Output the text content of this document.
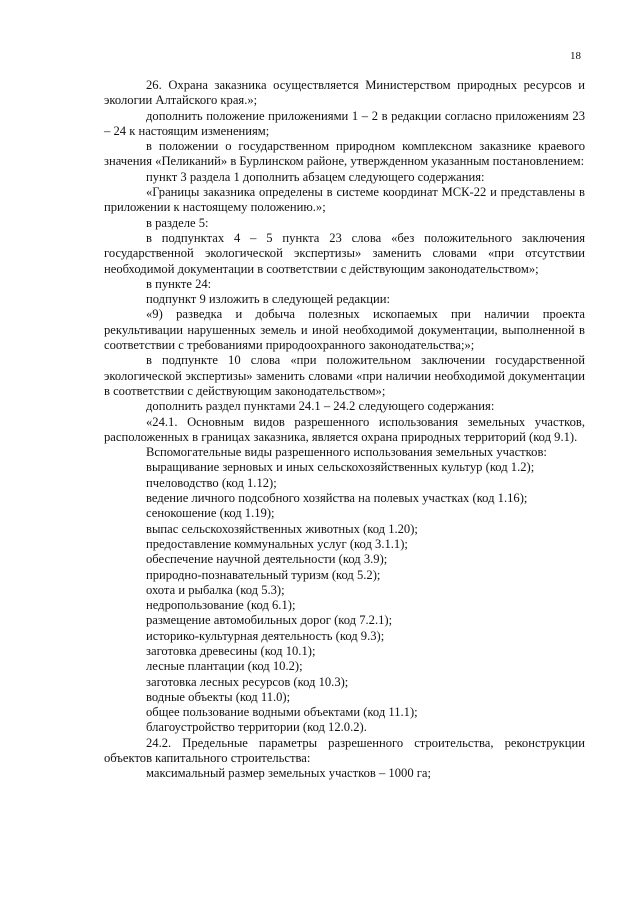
18

26. Охрана заказника осуществляется Министерством природных ресурсов и экологии Алтайского края.»;

дополнить положение приложениями 1 – 2 в редакции согласно приложениям 23 – 24 к настоящим изменениям;

в положении о государственном природном комплексном заказнике краевого значения «Пеликаний» в Бурлинском районе, утвержденном указанным постановлением:

пункт 3 раздела 1 дополнить абзацем следующего содержания:

«Границы заказника определены в системе координат МСК-22 и представлены в приложении к настоящему положению.»;

в разделе 5:

в подпунктах 4 – 5 пункта 23 слова «без положительного заключения государственной экологической экспертизы» заменить словами «при отсутствии необходимой документации в соответствии с действующим законодательством»;

в пункте 24:

подпункт 9 изложить в следующей редакции:

«9) разведка и добыча полезных ископаемых при наличии проекта рекультивации нарушенных земель и иной необходимой документации, выполненной в соответствии с требованиями природоохранного законодательства;»;

в подпункте 10 слова «при положительном заключении государственной экологической экспертизы» заменить словами «при наличии необходимой документации в соответствии с действующим законодательством»;

дополнить раздел пунктами 24.1 – 24.2 следующего содержания:

«24.1. Основным видов разрешенного использования земельных участков, расположенных в границах заказника, является охрана природных территорий (код 9.1).

Вспомогательные виды разрешенного использования земельных участков:

выращивание зерновых и иных сельскохозяйственных культур (код 1.2);

пчеловодство (код 1.12);

ведение личного подсобного хозяйства на полевых участках (код 1.16);

сенокошение (код 1.19);

выпас сельскохозяйственных животных (код 1.20);

предоставление коммунальных услуг (код 3.1.1);

обеспечение научной деятельности (код 3.9);

природно-познавательный туризм (код 5.2);

охота и рыбалка (код 5.3);

недропользование (код 6.1);

размещение автомобильных дорог (код 7.2.1);

историко-культурная деятельность (код 9.3);

заготовка древесины (код 10.1);

лесные плантации (код 10.2);

заготовка лесных ресурсов (код 10.3);

водные объекты (код 11.0);

общее пользование водными объектами (код 11.1);

благоустройство территории (код 12.0.2).

24.2. Предельные параметры разрешенного строительства, реконструкции объектов капитального строительства:

максимальный размер земельных участков – 1000 га;
